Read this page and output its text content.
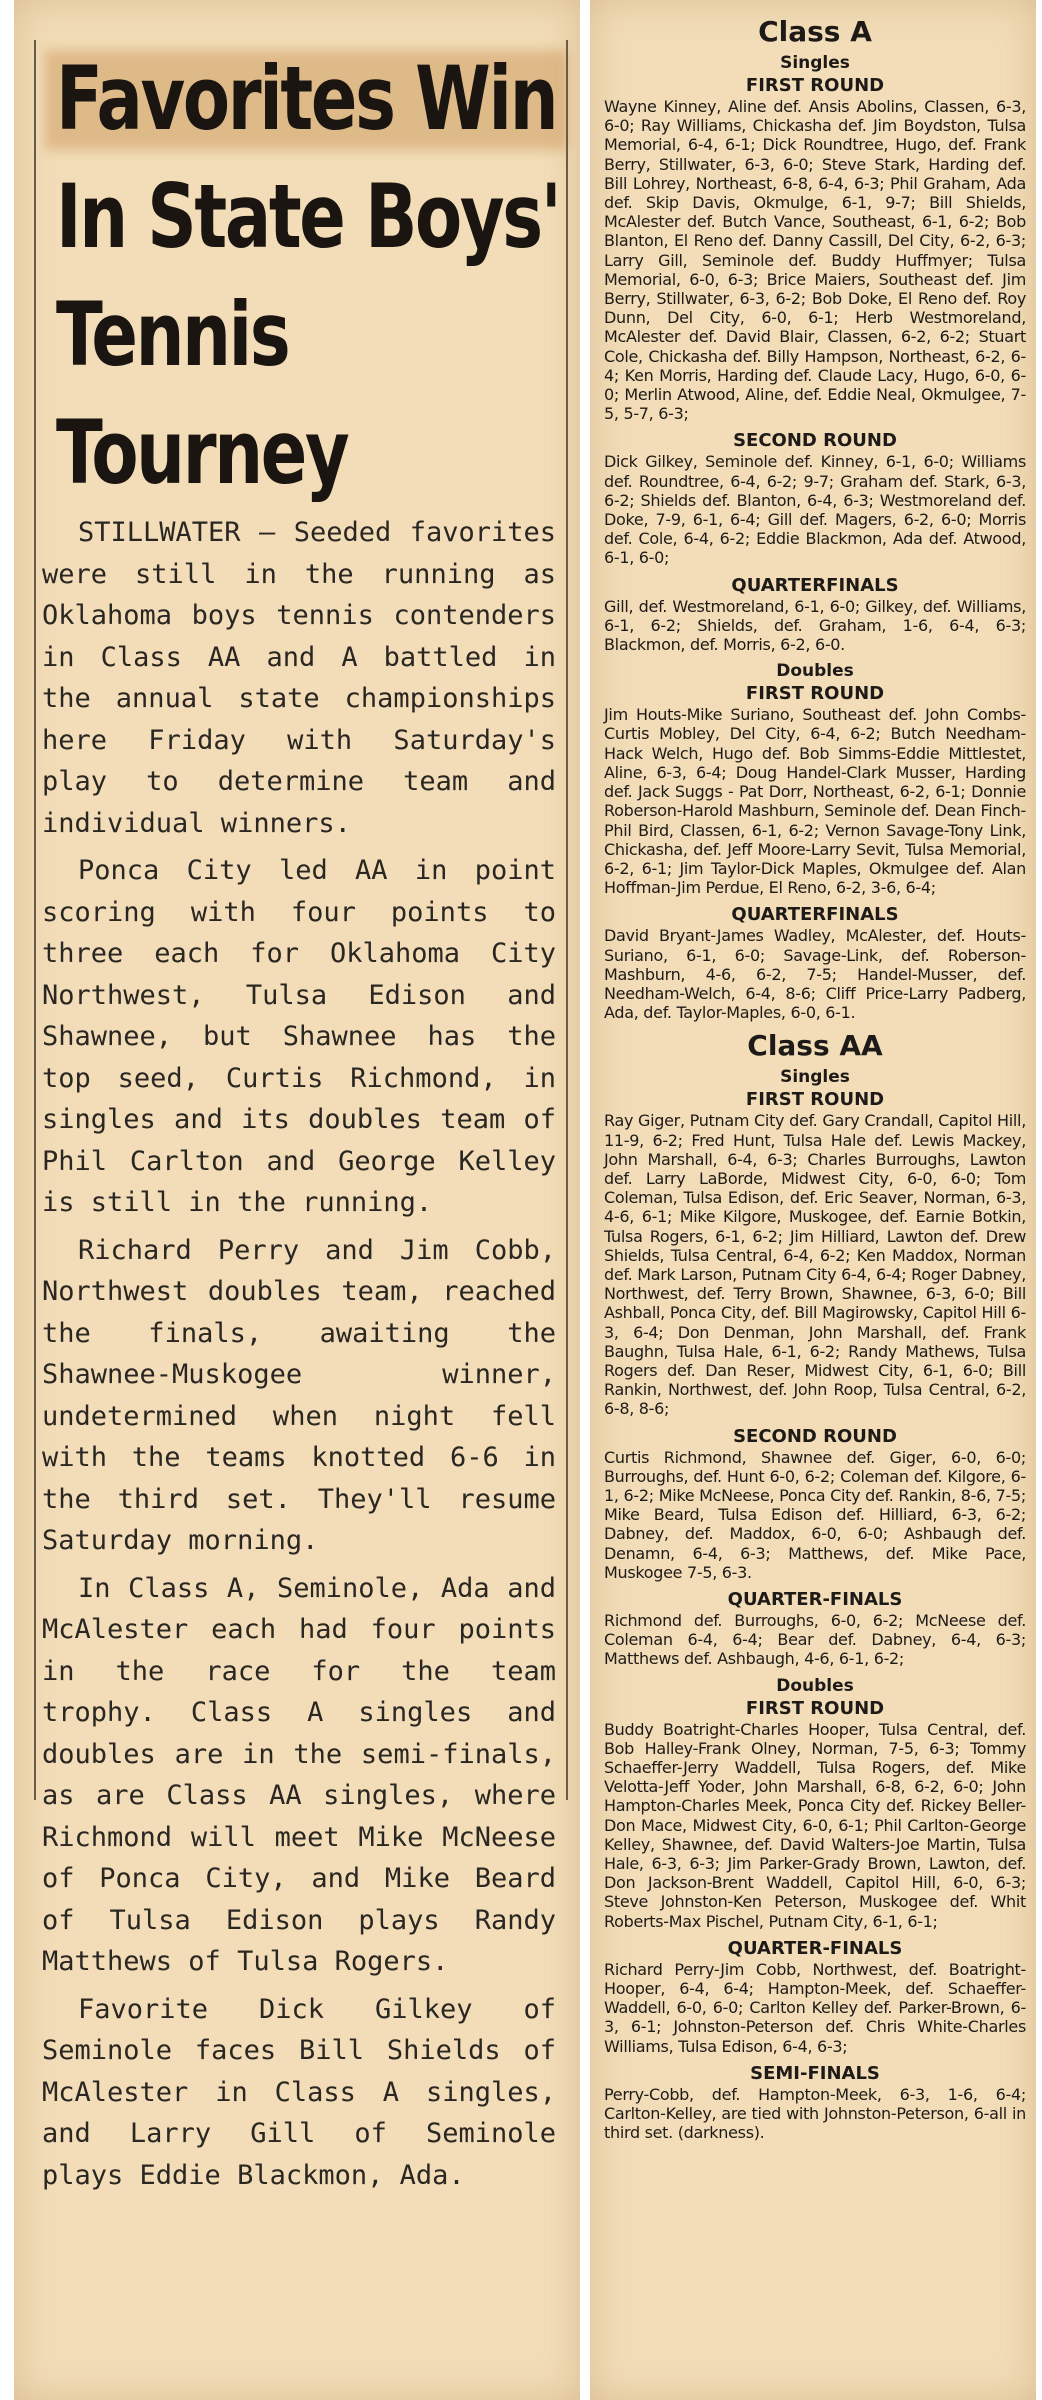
Favorites Win
In State Boys'
Tennis Tourney

STILLWATER — Seeded favorites were still in the running as Oklahoma boys tennis contenders in Class AA and A battled in the annual state championships here Friday with Saturday's play to determine team and individual winners.

Ponca City led AA in point scoring with four points to three each for Oklahoma City Northwest, Tulsa Edison and Shawnee, but Shawnee has the top seed, Curtis Richmond, in singles and its doubles team of Phil Carlton and George Kelley is still in the running.

Richard Perry and Jim Cobb, Northwest doubles team, reached the finals, awaiting the Shawnee-Muskogee winner, undetermined when night fell with the teams knotted 6-6 in the third set. They'll resume Saturday morning.

In Class A, Seminole, Ada and McAlester each had four points in the race for the team trophy. Class A singles and doubles are in the semi-finals, as are Class AA singles, where Richmond will meet Mike McNeese of Ponca City, and Mike Beard of Tulsa Edison plays Randy Matthews of Tulsa Rogers.

Favorite Dick Gilkey of Seminole faces Bill Shields of McAlester in Class A singles, and Larry Gill of Seminole plays Eddie Blackmon, Ada.

Class A
Singles
FIRST ROUND

Wayne Kinney, Aline def. Ansis Abolins, Classen, 6-3, 6-0; Ray Williams, Chickasha def. Jim Boydston, Tulsa Memorial, 6-4, 6-1; Dick Roundtree, Hugo, def. Frank Berry, Stillwater, 6-3, 6-0; Steve Stark, Harding def. Bill Lohrey, Northeast, 6-8, 6-4, 6-3; Phil Graham, Ada def. Skip Davis, Okmulge, 6-1, 9-7; Bill Shields, McAlester def. Butch Vance, Southeast, 6-1, 6-2; Bob Blanton, El Reno def. Danny Cassill, Del City, 6-2, 6-3; Larry Gill, Seminole def. Buddy Huffmyer; Tulsa Memorial, 6-0, 6-3; Brice Maiers, Southeast def. Jim Berry, Stillwater, 6-3, 6-2; Bob Doke, El Reno def. Roy Dunn, Del City, 6-0, 6-1; Herb Westmoreland, McAlester def. David Blair, Classen, 6-2, 6-2; Stuart Cole, Chickasha def. Billy Hampson, Northeast, 6-2, 6-4; Ken Morris, Harding def. Claude Lacy, Hugo, 6-0, 6-0; Merlin Atwood, Aline, def. Eddie Neal, Okmulgee, 7-5, 5-7, 6-3;

SECOND ROUND

Dick Gilkey, Seminole def. Kinney, 6-1, 6-0; Williams def. Roundtree, 6-4, 6-2; 9-7; Graham def. Stark, 6-3, 6-2; Shields def. Blanton, 6-4, 6-3; Westmoreland def. Doke, 7-9, 6-1, 6-4; Gill def. Magers, 6-2, 6-0; Morris def. Cole, 6-4, 6-2; Eddie Blackmon, Ada def. Atwood, 6-1, 6-0;

QUARTERFINALS

Gill, def. Westmoreland, 6-1, 6-0; Gilkey, def. Williams, 6-1, 6-2; Shields, def. Graham, 1-6, 6-4, 6-3; Blackmon, def. Morris, 6-2, 6-0.

Doubles
FIRST ROUND

Jim Houts-Mike Suriano, Southeast def. John Combs-Curtis Mobley, Del City, 6-4, 6-2; Butch Needham-Hack Welch, Hugo def. Bob Simms-Eddie Mittlestet, Aline, 6-3, 6-4; Doug Handel-Clark Musser, Harding def. Jack Suggs - Pat Dorr, Northeast, 6-2, 6-1; Donnie Roberson-Harold Mashburn, Seminole def. Dean Finch-Phil Bird, Classen, 6-1, 6-2; Vernon Savage-Tony Link, Chickasha, def. Jeff Moore-Larry Sevit, Tulsa Memorial, 6-2, 6-1; Jim Taylor-Dick Maples, Okmulgee def. Alan Hoffman-Jim Perdue, El Reno, 6-2, 3-6, 6-4;

QUARTERFINALS

David Bryant-James Wadley, McAlester, def. Houts-Suriano, 6-1, 6-0; Savage-Link, def. Roberson-Mashburn, 4-6, 6-2, 7-5; Handel-Musser, def. Needham-Welch, 6-4, 8-6; Cliff Price-Larry Padberg, Ada, def. Taylor-Maples, 6-0, 6-1.

Class AA
Singles
FIRST ROUND

Ray Giger, Putnam City def. Gary Crandall, Capitol Hill, 11-9, 6-2; Fred Hunt, Tulsa Hale def. Lewis Mackey, John Marshall, 6-4, 6-3; Charles Burroughs, Lawton def. Larry LaBorde, Midwest City, 6-0, 6-0; Tom Coleman, Tulsa Edison, def. Eric Seaver, Norman, 6-3, 4-6, 6-1; Mike Kilgore, Muskogee, def. Earnie Botkin, Tulsa Rogers, 6-1, 6-2; Jim Hilliard, Lawton def. Drew Shields, Tulsa Central, 6-4, 6-2; Ken Maddox, Norman def. Mark Larson, Putnam City 6-4, 6-4; Roger Dabney, Northwest, def. Terry Brown, Shawnee, 6-3, 6-0; Bill Ashball, Ponca City, def. Bill Magirowsky, Capitol Hill 6-3, 6-4; Don Denman, John Marshall, def. Frank Baughn, Tulsa Hale, 6-1, 6-2; Randy Mathews, Tulsa Rogers def. Dan Reser, Midwest City, 6-1, 6-0; Bill Rankin, Northwest, def. John Roop, Tulsa Central, 6-2, 6-8, 8-6;

SECOND ROUND

Curtis Richmond, Shawnee def. Giger, 6-0, 6-0; Burroughs, def. Hunt 6-0, 6-2; Coleman def. Kilgore, 6-1, 6-2; Mike McNeese, Ponca City def. Rankin, 8-6, 7-5; Mike Beard, Tulsa Edison def. Hilliard, 6-3, 6-2; Dabney, def. Maddox, 6-0, 6-0; Ashbaugh def. Denamn, 6-4, 6-3; Matthews, def. Mike Pace, Muskogee 7-5, 6-3.

QUARTER-FINALS

Richmond def. Burroughs, 6-0, 6-2; McNeese def. Coleman 6-4, 6-4; Bear def. Dabney, 6-4, 6-3; Matthews def. Ashbaugh, 4-6, 6-1, 6-2;

Doubles
FIRST ROUND

Buddy Boatright-Charles Hooper, Tulsa Central, def. Bob Halley-Frank Olney, Norman, 7-5, 6-3; Tommy Schaeffer-Jerry Waddell, Tulsa Rogers, def. Mike Velotta-Jeff Yoder, John Marshall, 6-8, 6-2, 6-0; John Hampton-Charles Meek, Ponca City def. Rickey Beller-Don Mace, Midwest City, 6-0, 6-1; Phil Carlton-George Kelley, Shawnee, def. David Walters-Joe Martin, Tulsa Hale, 6-3, 6-3; Jim Parker-Grady Brown, Lawton, def. Don Jackson-Brent Waddell, Capitol Hill, 6-0, 6-3; Steve Johnston-Ken Peterson, Muskogee def. Whit Roberts-Max Pischel, Putnam City, 6-1, 6-1;

QUARTER-FINALS

Richard Perry-Jim Cobb, Northwest, def. Boatright-Hooper, 6-4, 6-4; Hampton-Meek, def. Schaeffer-Waddell, 6-0, 6-0; Carlton Kelley def. Parker-Brown, 6-3, 6-1; Johnston-Peterson def. Chris White-Charles Williams, Tulsa Edison, 6-4, 6-3;

SEMI-FINALS

Perry-Cobb, def. Hampton-Meek, 6-3, 1-6, 6-4; Carlton-Kelley, are tied with Johnston-Peterson, 6-all in third set. (darkness).
